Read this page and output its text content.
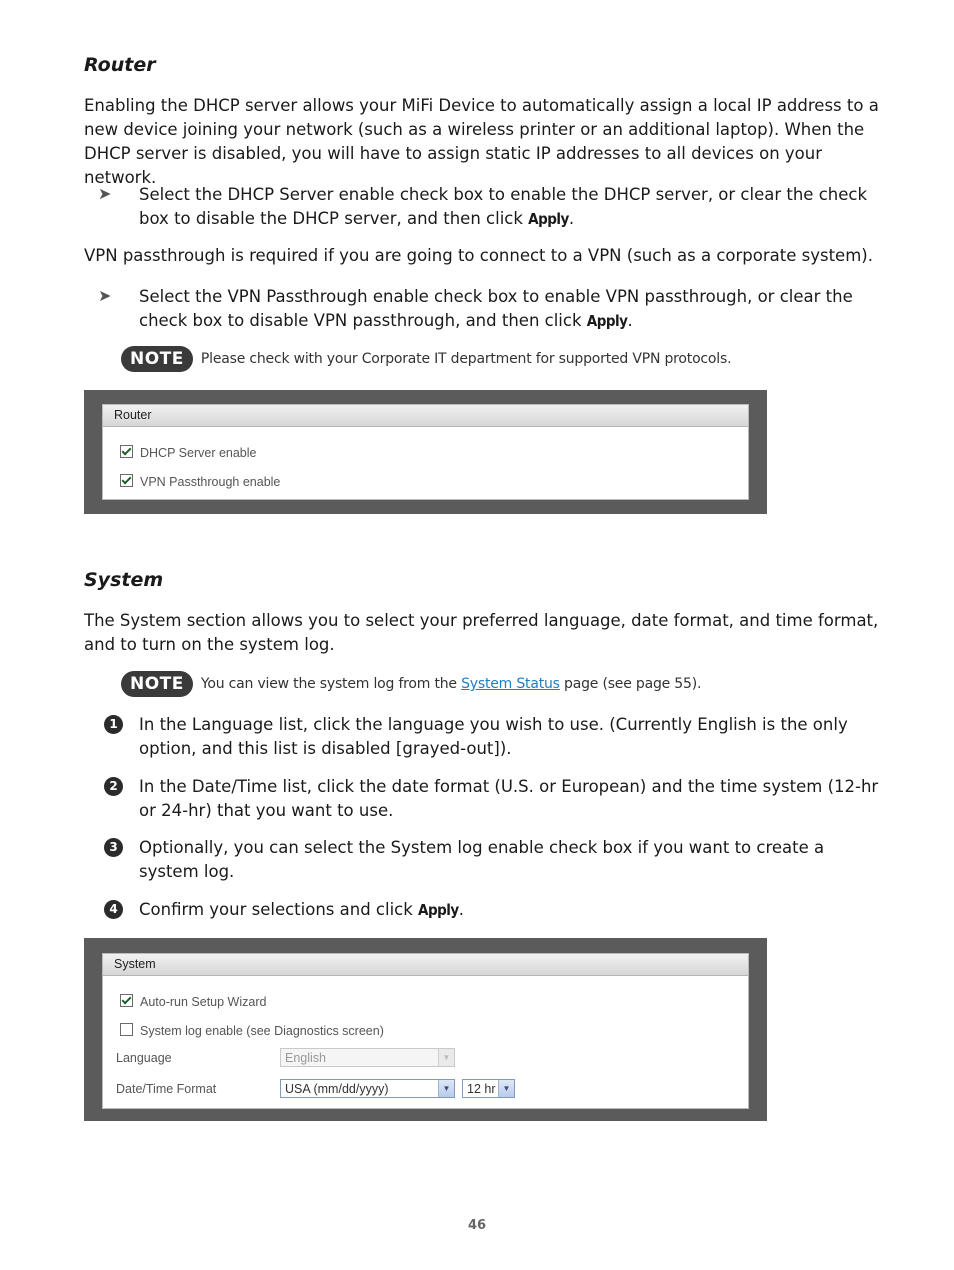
Router

Enabling the DHCP server allows your MiFi Device to automatically assign a local IP address to a new device joining your network (such as a wireless printer or an additional laptop). When the DHCP server is disabled, you will have to assign static IP addresses to all devices on your network.

➤ Select the DHCP Server enable check box to enable the DHCP server, or clear the check box to disable the DHCP server, and then click Apply.

VPN passthrough is required if you are going to connect to a VPN (such as a corporate system).

➤ Select the VPN Passthrough enable check box to enable VPN passthrough, or clear the check box to disable VPN passthrough, and then click Apply.

NOTE Please check with your Corporate IT department for supported VPN protocols.
Router
DHCP Server enable
VPN Passthrough enable
System

The System section allows you to select your preferred language, date format, and time format, and to turn on the system log.

NOTE You can view the system log from the System Status page (see page 55).
1	In the Language list, click the language you wish to use. (Currently English is the only option, and this list is disabled [grayed-out]).

2	In the Date/Time list, click the date format (U.S. or European) and the time system (12-hr or 24-hr) that you want to use.

3	Optionally, you can select the System log enable check box if you want to create a system log.

4	Confirm your selections and click Apply.

System
Auto-run Setup Wizard
System log enable (see Diagnostics screen)
Language	English	▼
Date/Time Format	USA (mm/dd/yyyy)	▼	12 hr ▼
46
